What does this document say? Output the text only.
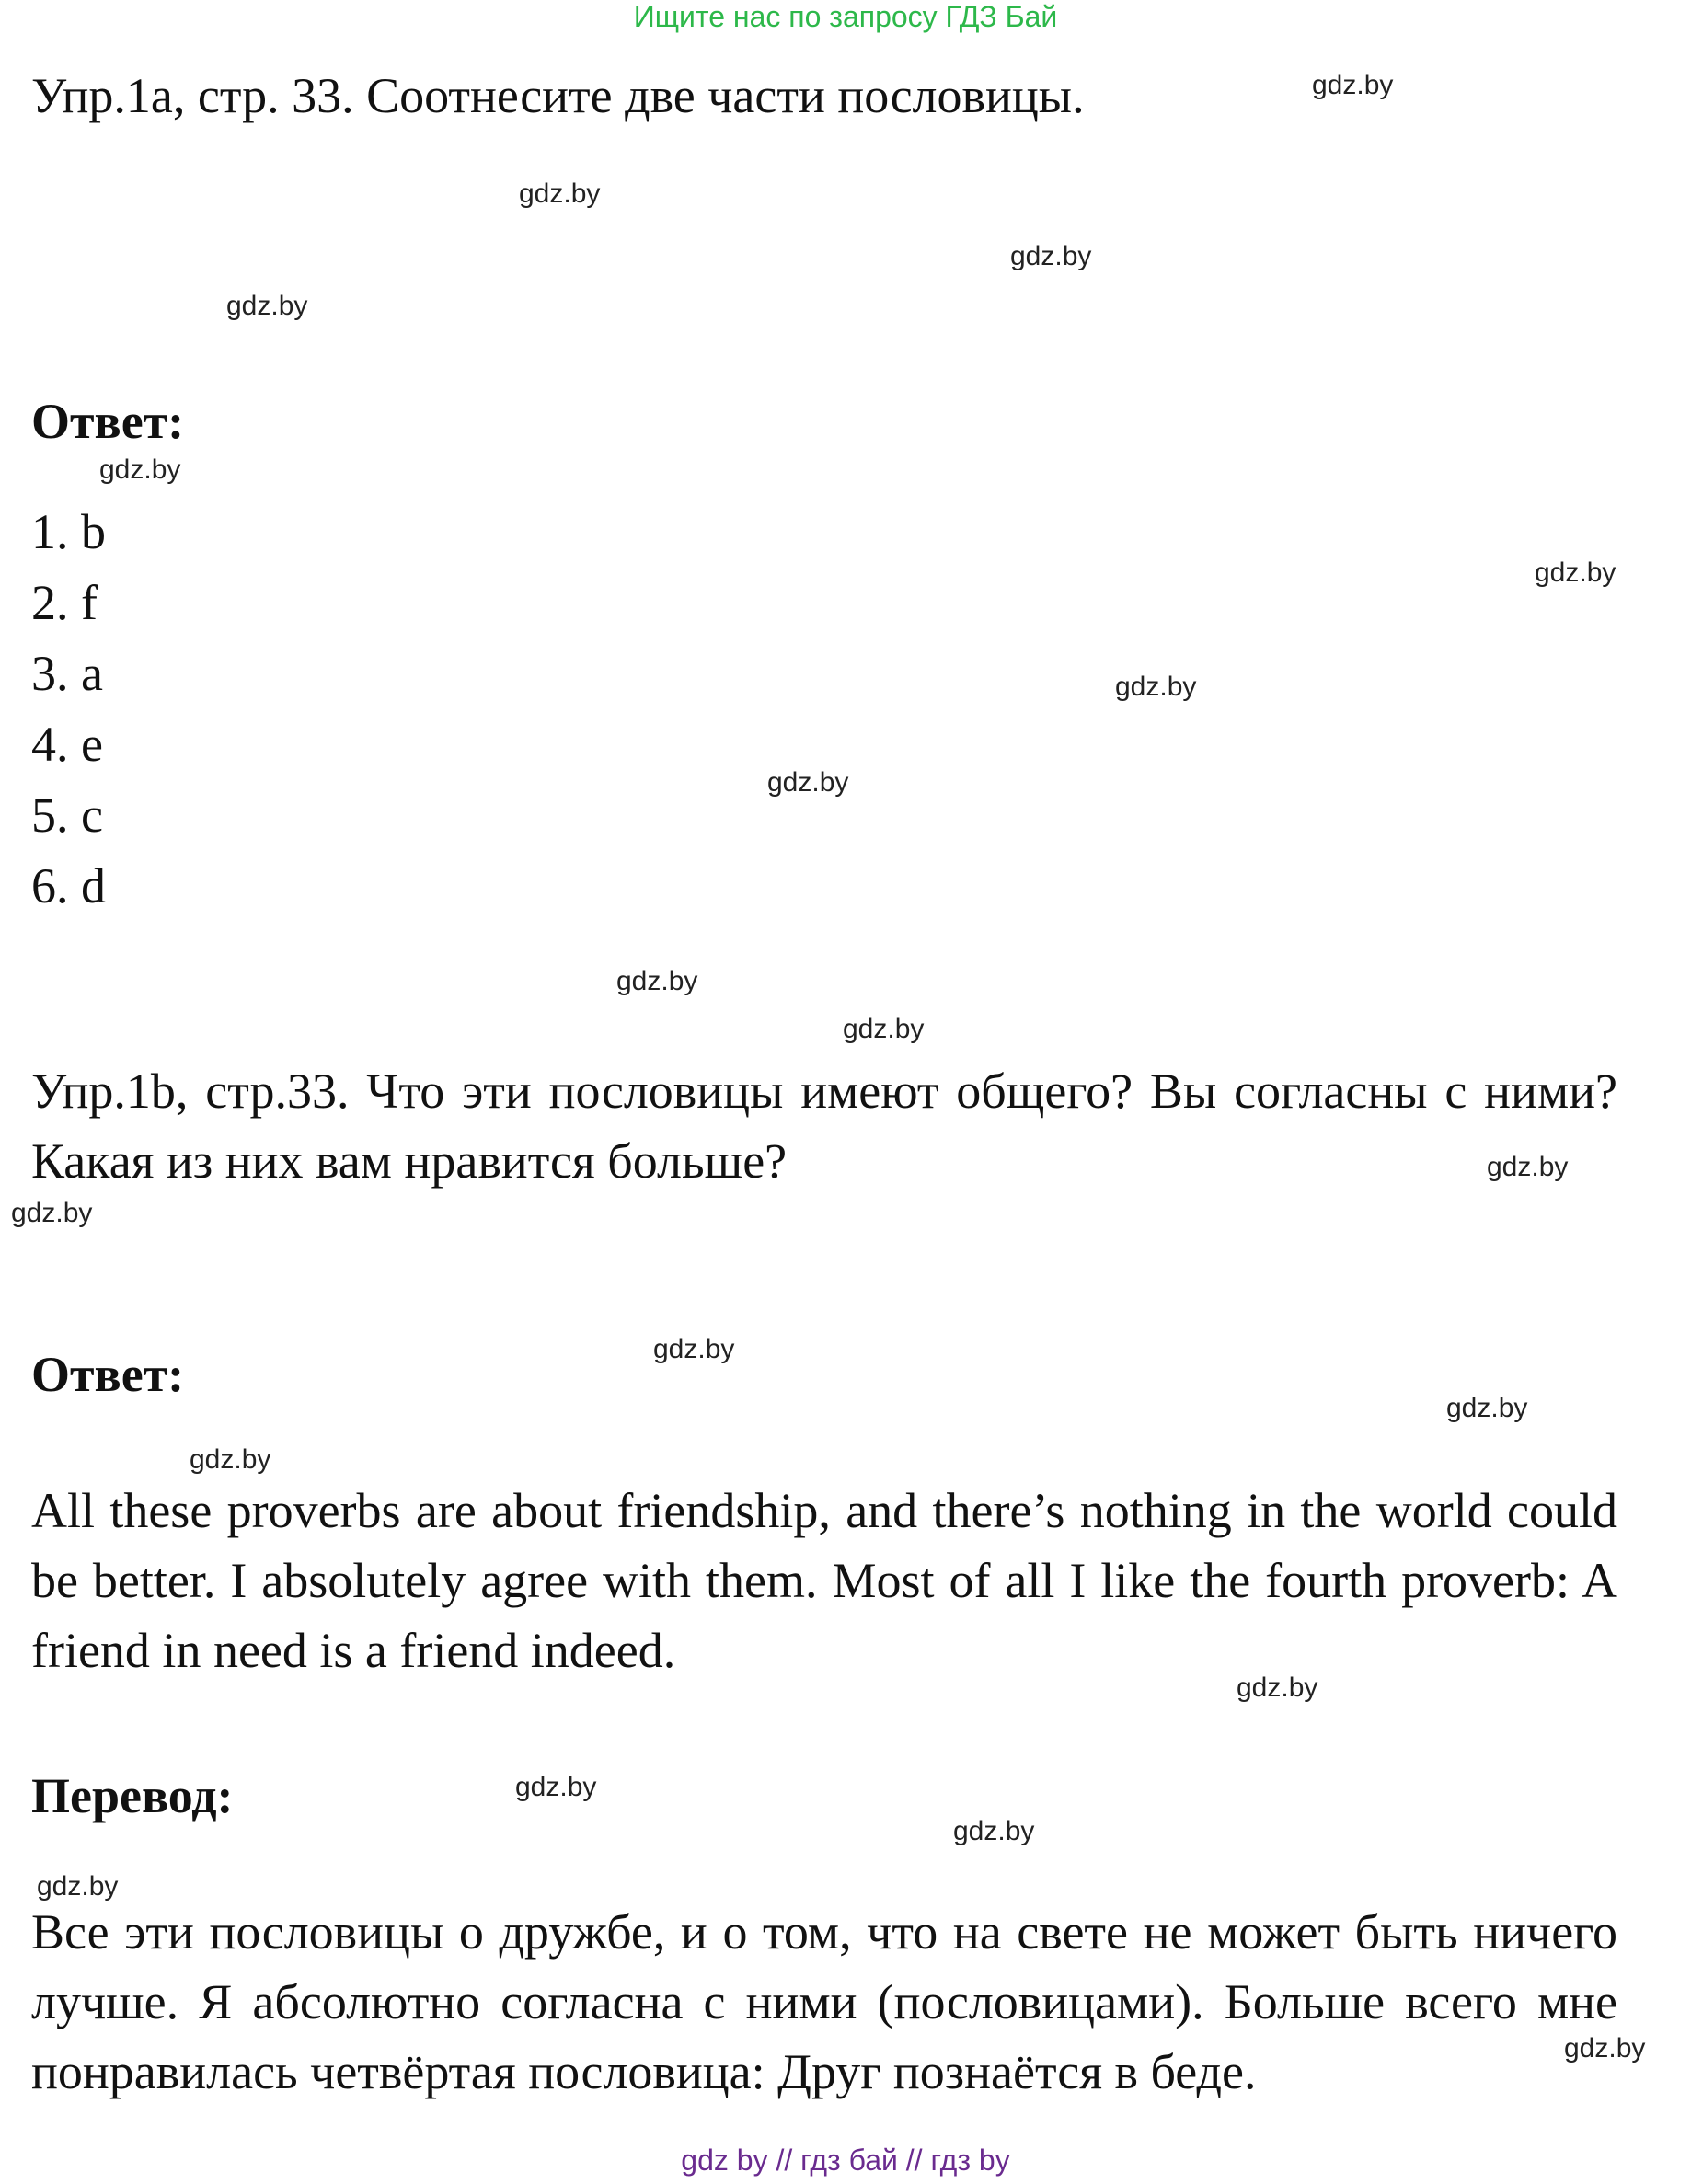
Ищите нас по запросу ГДЗ Бай
Упр.1a, стр. 33. Соотнесите две части пословицы.
Ответ:
1. b
2. f
3. a
4. e
5. c
6. d
Упр.1b, стр.33. Что эти пословицы имеют общего? Вы согласны с ними? Какая из них вам нравится больше?
Ответ:
All these proverbs are about friendship, and there’s nothing in the world could be better. I absolutely agree with them. Most of all I like the fourth proverb: A friend in need is a friend indeed.
Перевод:
Все эти пословицы о дружбе, и о том, что на свете не может быть ничего лучше. Я абсолютно согласна с ними (пословицами). Больше всего мне понравилась четвёртая пословица: Друг познаётся в беде.
gdz.by
gdz.by
gdz.by
gdz.by
gdz.by
gdz.by
gdz.by
gdz.by
gdz.by
gdz.by
gdz.by
gdz.by
gdz.by
gdz.by
gdz.by
gdz.by
gdz.by
gdz.by
gdz.by
gdz.by
gdz by // гдз бай // гдз by
